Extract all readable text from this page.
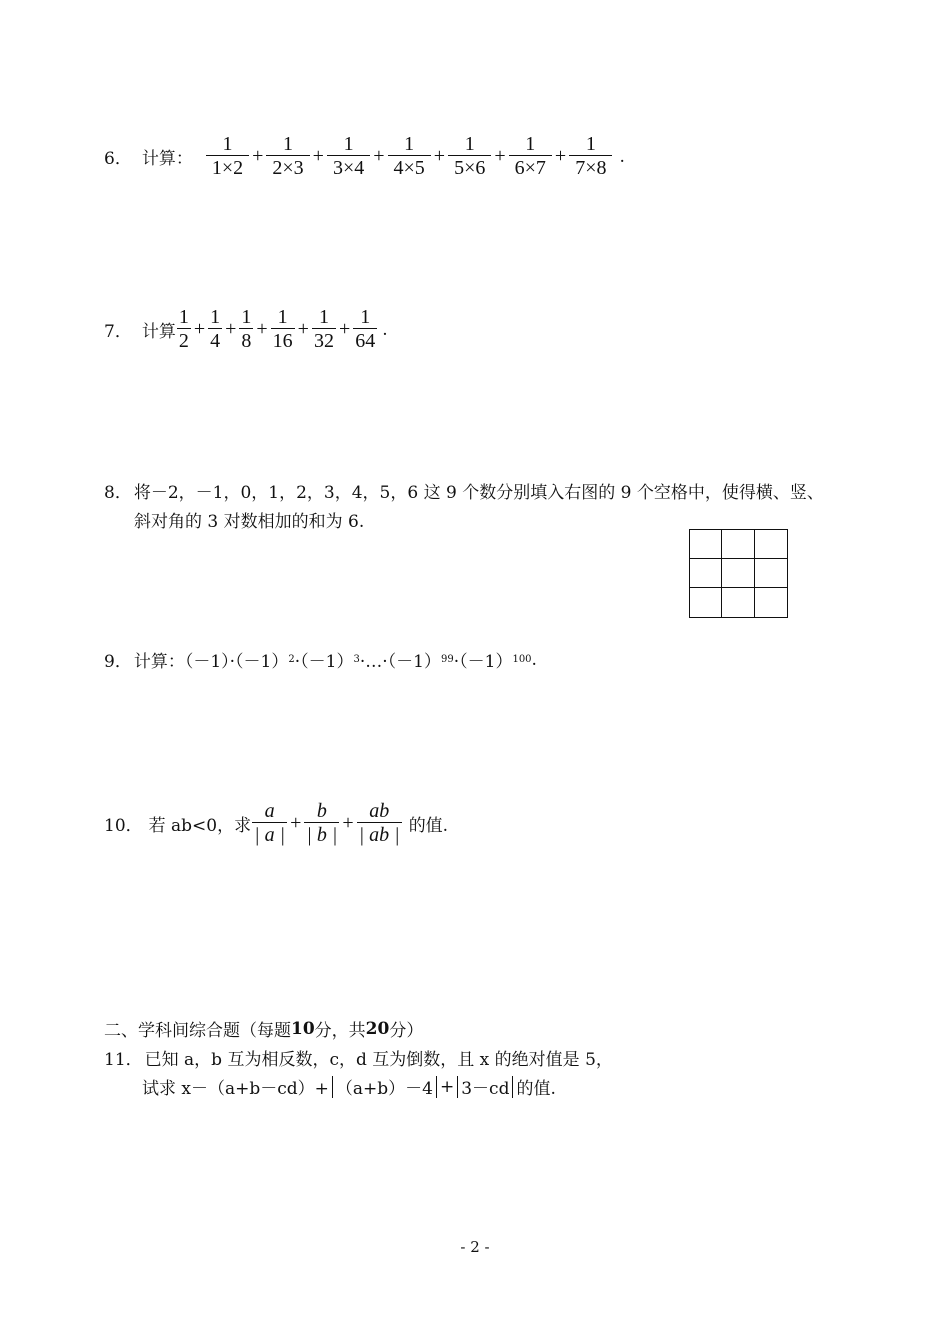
6． 计算： $\frac{1}{1\times 2} + \frac{1}{2\times 3} + \frac{1}{3\times 4} + \frac{1}{4\times 5} + \frac{1}{5\times 6} + \frac{1}{6\times 7} + \frac{1}{7\times 8}$ .
7． 计算 $\frac{1}{2} + \frac{1}{4} + \frac{1}{8} + \frac{1}{16} + \frac{1}{32} + \frac{1}{64}$ .
8． 将－2，－1，0，1，2，3，4，5，6 这 9 个数分别填入右图的 9 个空格中，使得横、竖、
斜对角的 3 对数相加的和为 6.
9． 计算：（－1）·（－1） 2 ·（－1） 3 ·…·（－1） 99 ·（－1） 100 .
10． 若 ab<0，求 $\frac{a}{| a |} + \frac{b}{| b |} + \frac{ab}{| ab |}$ 的值.
二、学科间综合题（每题 10 分，共 20 分）
11． 已知 a，b 互为相反数，c，d 互为倒数，且 x 的绝对值是 5，
试求 x－（a+b－cd）+ （a+b）－4 + 3－cd 的值.
- 2 -
